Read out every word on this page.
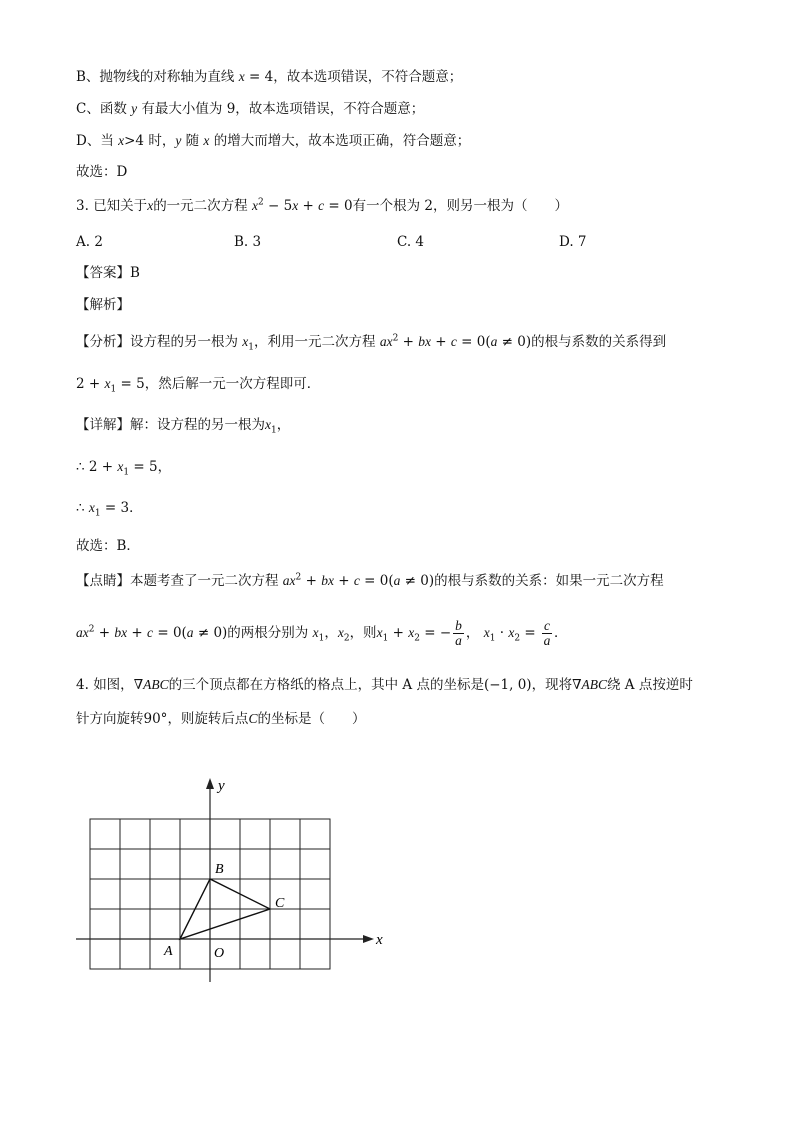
B、抛物线的对称轴为直线 x = 4，故本选项错误，不符合题意；
C、函数 y 有最大小值为 9，故本选项错误，不符合题意；
D、当 x>4 时，y 随 x 的增大而增大，故本选项正确，符合题意；
故选：D
3. 已知关于x的一元二次方程 $x^2 - 5x + c = 0$有一个根为 2，则另一根为（　　）
A. 2	B. 3	C. 4	D. 7
【答案】B
【解析】
【分析】设方程的另一根为 $x_1$，利用一元二次方程 $ax^2$ + bx + c = 0(a ≠ 0)的根与系数的关系得到
$2 + x_1 = 5$，然后解一元一次方程即可．
【详解】解：设方程的另一根为$x_1$，
∴ $2 + x_1 = 5$，
∴ $x_1 = 3$．
故选：B．
【点睛】本题考查了一元二次方程 $ax^2$ + bx + c = 0(a ≠ 0)的根与系数的关系：如果一元二次方程
$ax^2$ + bx + c = 0(a ≠ 0)的两根分别为 $x_1$，$x_2$，则$x_1 + x_2$ = − $\frac{b}{a}$ ， $x_1 \cdot x_2 = \frac{c}{a}$ ．
4. 如图，∇ABC的三个顶点都在方格纸的格点上，其中 A 点的坐标是(−1, 0)，现将∇ABC绕 A 点按逆时
针方向旋转90°，则旋转后点C的坐标是（　　）
y
x
B
C
A	O
